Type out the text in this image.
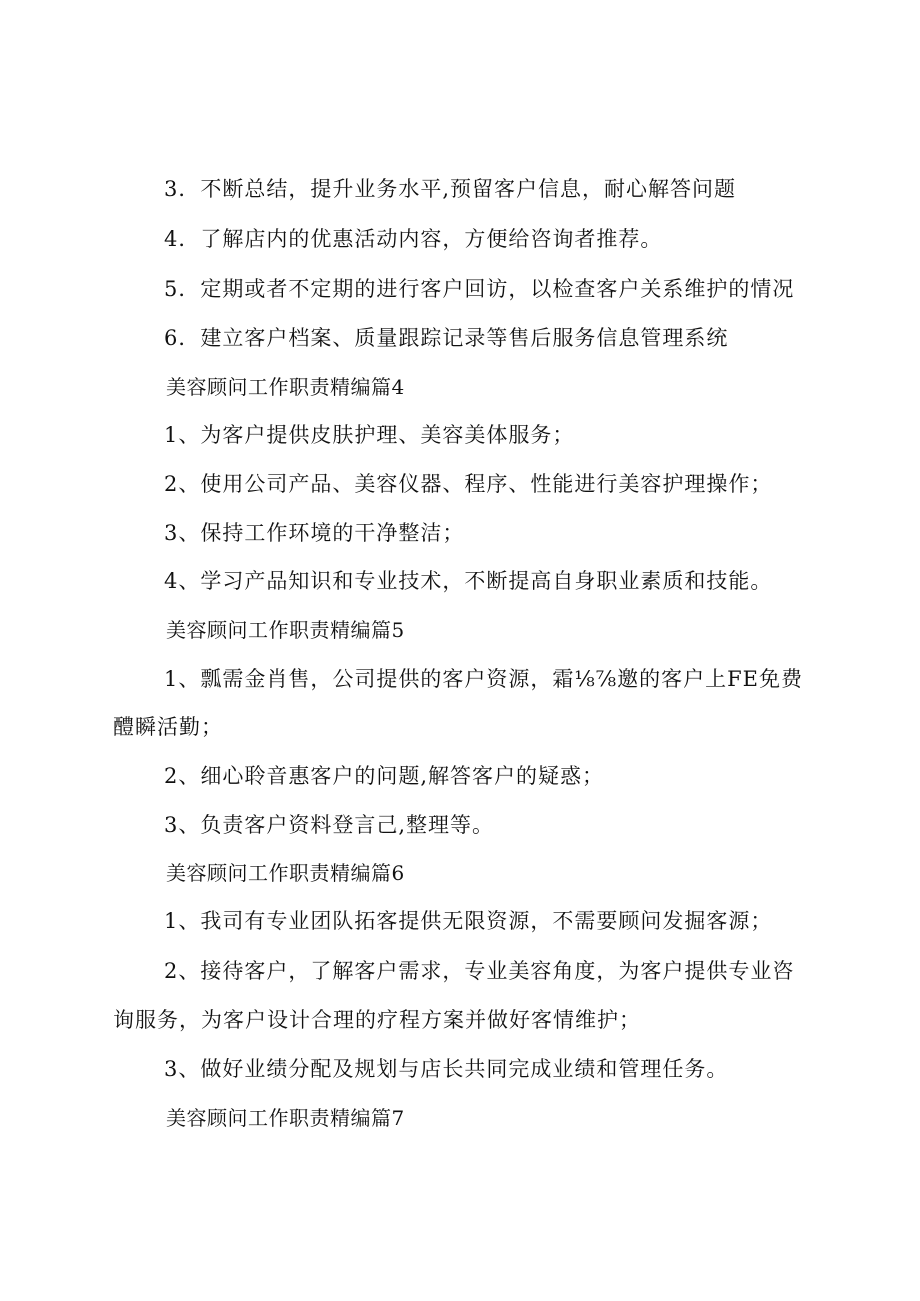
3．不断总结，提升业务水平,预留客户信息，耐心解答问题
4．了解店内的优惠活动内容，方便给咨询者推荐。
5．定期或者不定期的进行客户回访，以检查客户关系维护的情况
6．建立客户档案、质量跟踪记录等售后服务信息管理系统
美容顾问工作职责精编篇4
1、为客户提供皮肤护理、美容美体服务；
2、使用公司产品、美容仪器、程序、性能进行美容护理操作；
3、保持工作环境的干净整洁；
4、学习产品知识和专业技术，不断提高自身职业素质和技能。
美容顾问工作职责精编篇5
1、瓢需金肖售，公司提供的客户资源，霜⅛⅞邀的客户上FE免费
醴瞬活勤；
2、细心聆音惠客户的问题,解答客户的疑惑；
3、负责客户资料登言己,整理等。
美容顾问工作职责精编篇6
1、我司有专业团队拓客提供无限资源，不需要顾问发掘客源；
2、接待客户，了解客户需求，专业美容角度，为客户提供专业咨
询服务，为客户设计合理的疗程方案并做好客情维护；
3、做好业绩分配及规划与店长共同完成业绩和管理任务。
美容顾问工作职责精编篇7
